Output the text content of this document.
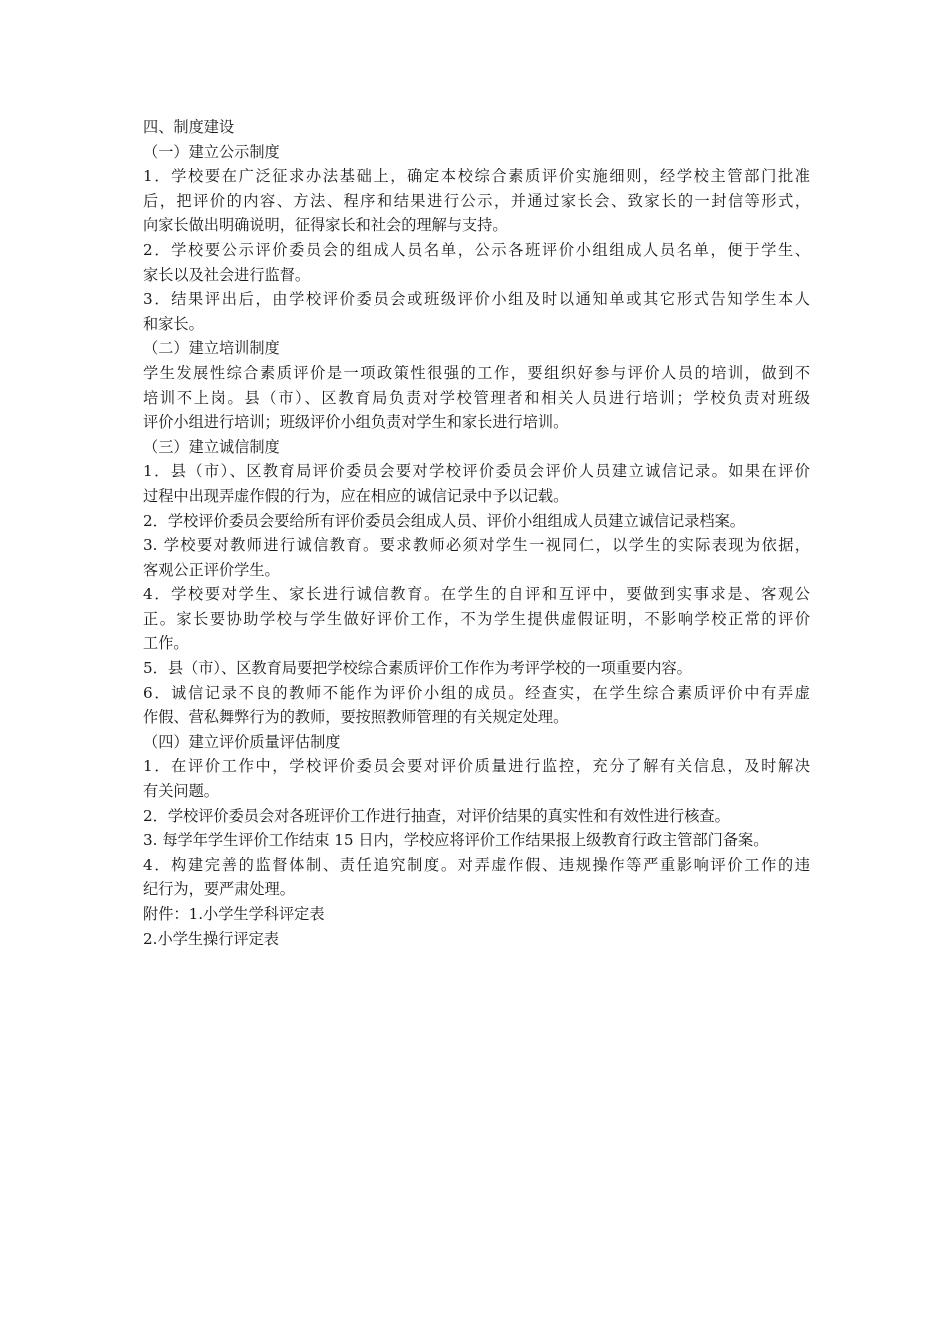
四、制度建设
（一）建立公示制度
1．学校要在广泛征求办法基础上，确定本校综合素质评价实施细则，经学校主管部门批准
后，把评价的内容、方法、程序和结果进行公示，并通过家长会、致家长的一封信等形式，
向家长做出明确说明，征得家长和社会的理解与支持。
2．学校要公示评价委员会的组成人员名单，公示各班评价小组组成人员名单，便于学生、
家长以及社会进行监督。
3．结果评出后，由学校评价委员会或班级评价小组及时以通知单或其它形式告知学生本人
和家长。
（二）建立培训制度
学生发展性综合素质评价是一项政策性很强的工作，要组织好参与评价人员的培训，做到不
培训不上岗。县（市）、区教育局负责对学校管理者和相关人员进行培训；学校负责对班级
评价小组进行培训；班级评价小组负责对学生和家长进行培训。
（三）建立诚信制度
1．县（市）、区教育局评价委员会要对学校评价委员会评价人员建立诚信记录。如果在评价
过程中出现弄虚作假的行为，应在相应的诚信记录中予以记载。
2．学校评价委员会要给所有评价委员会组成人员、评价小组组成人员建立诚信记录档案。
3. 学校要对教师进行诚信教育。要求教师必须对学生一视同仁，以学生的实际表现为依据，
客观公正评价学生。
4．学校要对学生、家长进行诚信教育。在学生的自评和互评中，要做到实事求是、客观公
正。家长要协助学校与学生做好评价工作，不为学生提供虚假证明，不影响学校正常的评价
工作。
5．县（市）、区教育局要把学校综合素质评价工作作为考评学校的一项重要内容。
6．诚信记录不良的教师不能作为评价小组的成员。经查实，在学生综合素质评价中有弄虚
作假、营私舞弊行为的教师，要按照教师管理的有关规定处理。
（四）建立评价质量评估制度
1．在评价工作中，学校评价委员会要对评价质量进行监控，充分了解有关信息，及时解决
有关问题。
2．学校评价委员会对各班评价工作进行抽查，对评价结果的真实性和有效性进行核查。
3. 每学年学生评价工作结束 15 日内，学校应将评价工作结果报上级教育行政主管部门备案。
4．构建完善的监督体制、责任追究制度。对弄虚作假、违规操作等严重影响评价工作的违
纪行为，要严肃处理。
附件：1.小学生学科评定表
2.小学生操行评定表
